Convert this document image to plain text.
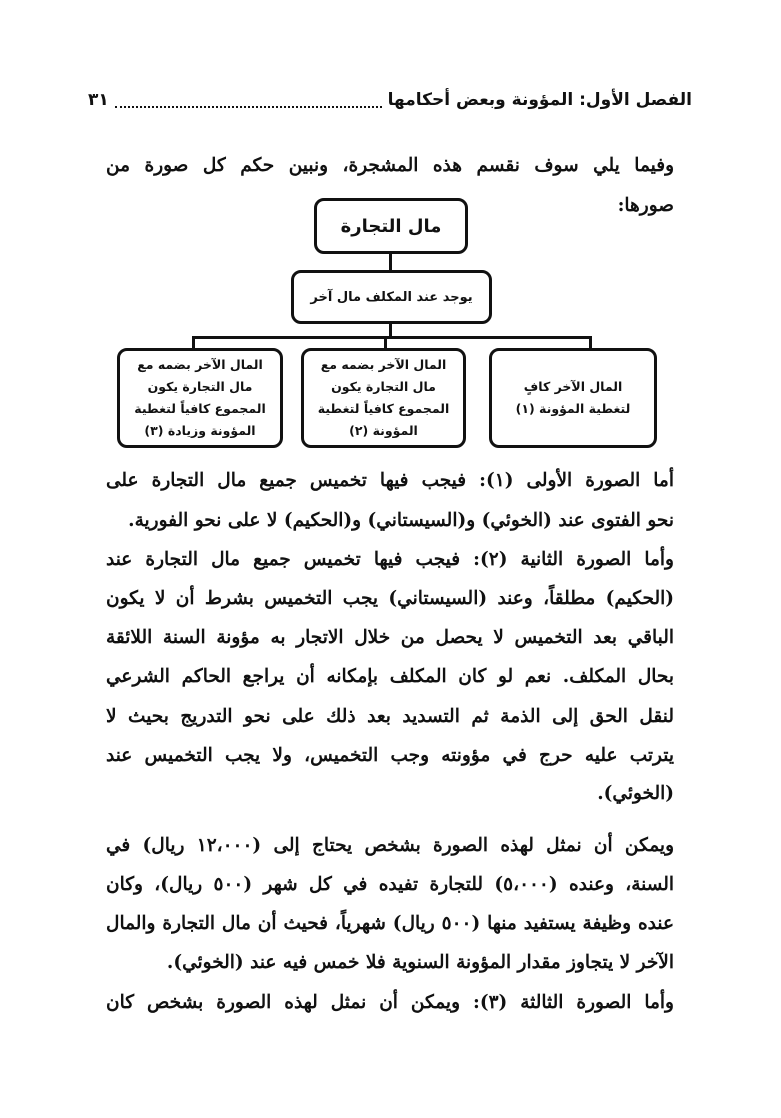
الفصل الأول: المؤونة وبعض أحكامها
٣١
وفيما يلي سوف نقسم هذه المشجرة، ونبين حكم كل صورة من
صورها:
مال التجارة
يوجد عند المكلف مال آخر
المال الآخر كافٍ لتغطية المؤونة (١)
المال الآخر بضمه مع مال التجارة يكون المجموع كافياً لتغطية المؤونة (٢)
المال الآخر بضمه مع مال التجارة يكون المجموع كافياً لتغطية المؤونة وزيادة (٣)
أما الصورة الأولى (١): فيجب فيها تخميس جميع مال التجارة على
نحو الفتوى عند (الخوئي) و(السيستاني) و(الحكيم) لا على نحو الفورية.
وأما الصورة الثانية (٢): فيجب فيها تخميس جميع مال التجارة عند
(الحكيم) مطلقاً، وعند (السيستاني) يجب التخميس بشرط أن لا يكون
الباقي بعد التخميس لا يحصل من خلال الاتجار به مؤونة السنة اللائقة
بحال المكلف. نعم لو كان المكلف بإمكانه أن يراجع الحاكم الشرعي
لنقل الحق إلى الذمة ثم التسديد بعد ذلك على نحو التدريج بحيث لا
يترتب عليه حرج في مؤونته وجب التخميس، ولا يجب التخميس عند
(الخوئي).
ويمكن أن نمثل لهذه الصورة بشخص يحتاج إلى (١٢،٠٠٠ ريال) في
السنة، وعنده (٥،٠٠٠) للتجارة تفيده في كل شهر (٥٠٠ ريال)، وكان
عنده وظيفة يستفيد منها (٥٠٠ ريال) شهرياً، فحيث أن مال التجارة والمال
الآخر لا يتجاوز مقدار المؤونة السنوية فلا خمس فيه عند (الخوئي).
وأما الصورة الثالثة (٣): ويمكن أن نمثل لهذه الصورة بشخص كان
